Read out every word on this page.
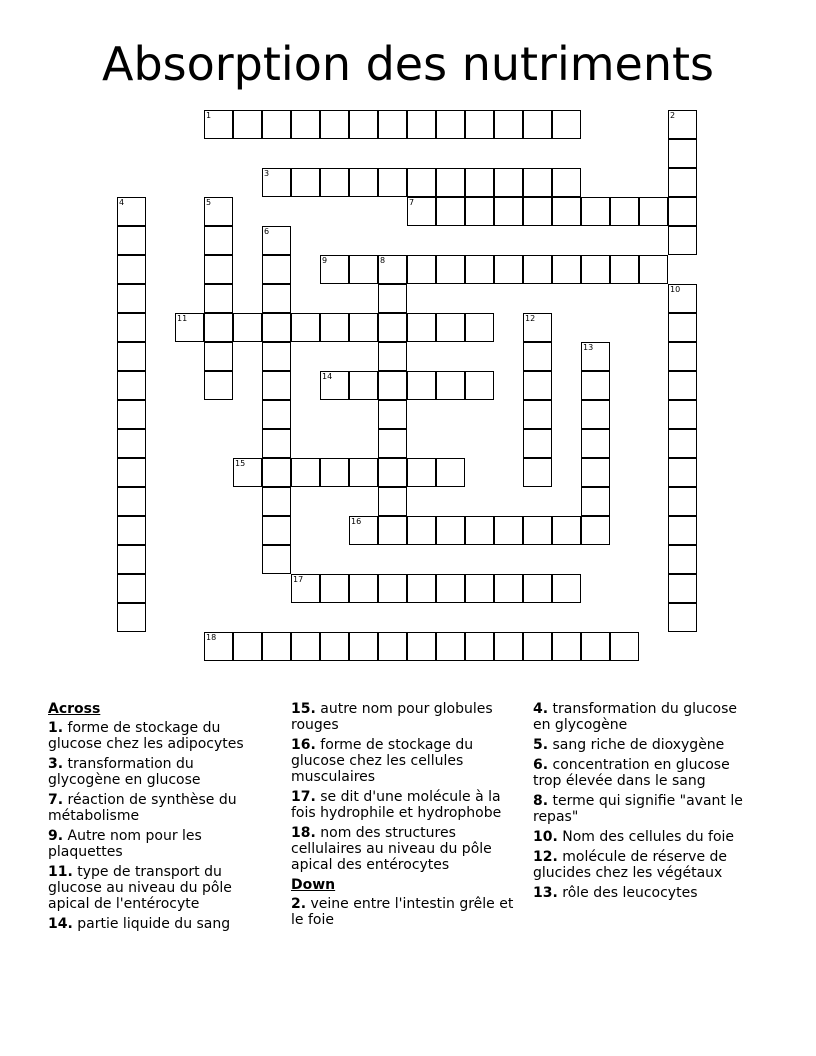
Absorption des nutriments
1
3
7
9
11
14
15
16
17
18
2
4	5
6
8
10
12
13
Across
1. forme de stockage du glucose chez les adipocytes
3. transformation du glycogène en glucose
7. réaction de synthèse du métabolisme
9. Autre nom pour les plaquettes
11. type de transport du glucose au niveau du pôle apical de l'entérocyte
14. partie liquide du sang
15. autre nom pour globules rouges
16. forme de stockage du glucose chez les cellules musculaires
17. se dit d'une molécule à la fois hydrophile et hydrophobe
18. nom des structures cellulaires au niveau du pôle apical des entérocytes
Down
2. veine entre l'intestin grêle et le foie
4. transformation du glucose en glycogène
5. sang riche de dioxygène
6. concentration en glucose trop élevée dans le sang
8. terme qui signifie "avant le repas"
10. Nom des cellules du foie
12. molécule de réserve de glucides chez les végétaux
13. rôle des leucocytes
